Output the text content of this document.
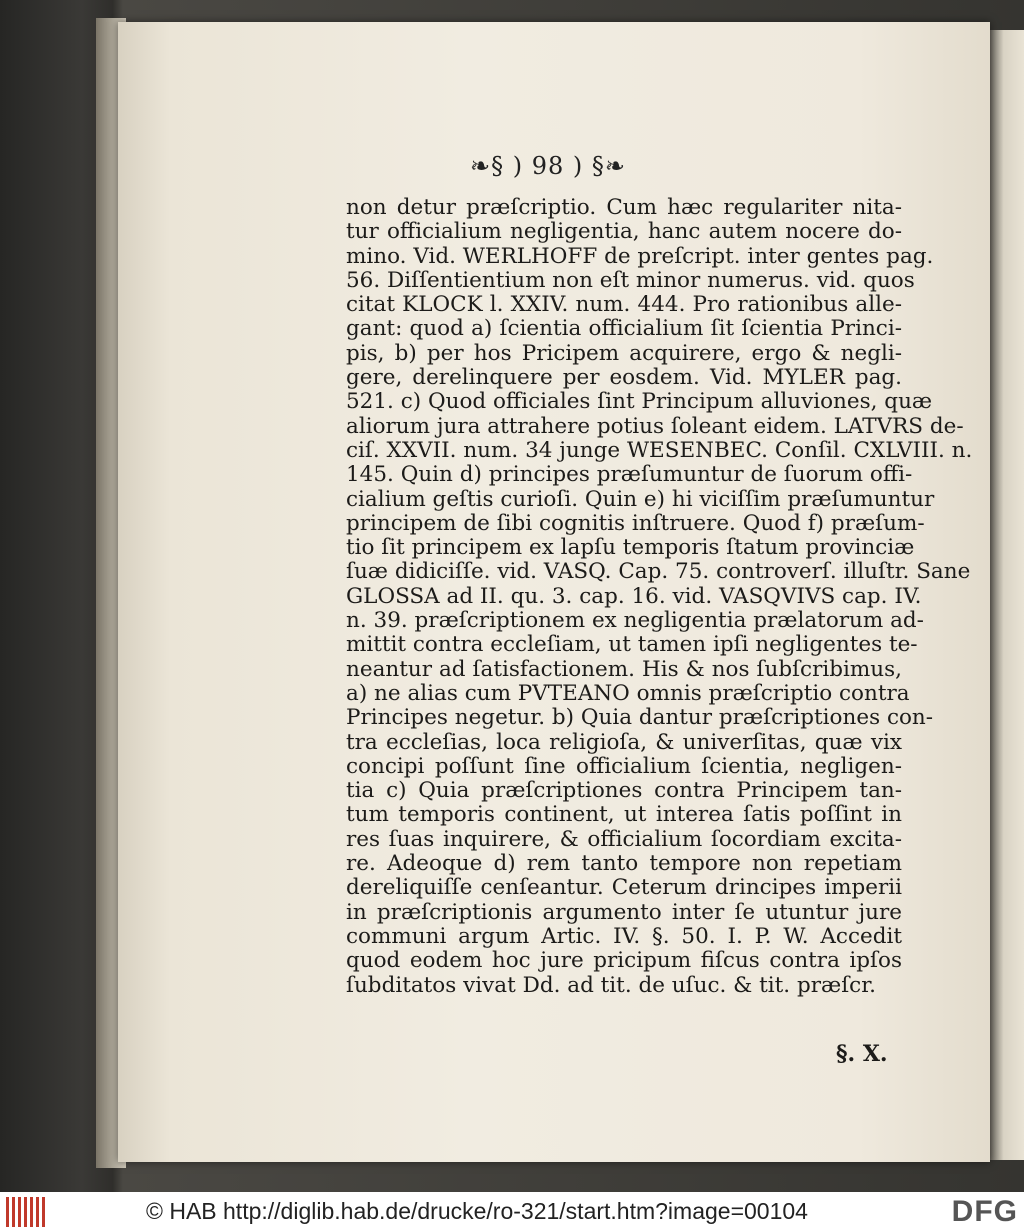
❧§ ) 98 ) §❧
non detur præſcriptio. Cum hæc regulariter nita-
tur officialium negligentia, hanc autem nocere do-
mino. Vid. WERLHOFF de preſcript. inter gentes pag.
56. Diſſentientium non eſt minor numerus. vid. quos
citat KLOCK l. XXIV. num. 444. Pro rationibus alle-
gant: quod a) ſcientia officialium ſit ſcientia Princi-
pis, b) per hos Pricipem acquirere, ergo & negli-
gere, derelinquere per eosdem. Vid. MYLER pag.
521. c) Quod officiales ſint Principum alluviones, quæ
aliorum jura attrahere potius ſoleant eidem. LATVRS de-
ciſ. XXVII. num. 34 junge WESENBEC. Conſil. CXLVIII. n.
145. Quin d) principes præſumuntur de ſuorum offi-
cialium geſtis curioſi. Quin e) hi viciſſim præſumuntur
principem de ſibi cognitis inſtruere. Quod f) præſum-
tio ſit principem ex lapſu temporis ſtatum provinciæ
ſuæ didiciſſe. vid. VASQ. Cap. 75. controverſ. illuſtr. Sane
GLOSSA ad II. qu. 3. cap. 16. vid. VASQVIVS cap. IV.
n. 39. præſcriptionem ex negligentia prælatorum ad-
mittit contra eccleſiam, ut tamen ipſi negligentes te-
neantur ad ſatisfactionem. His & nos ſubſcribimus,
a) ne alias cum PVTEANO omnis præſcriptio contra
Principes negetur. b) Quia dantur præſcriptiones con-
tra eccleſias, loca religioſa, & univerſitas, quæ vix
concipi poſſunt ſine officialium ſcientia, negligen-
tia c) Quia præſcriptiones contra Principem tan-
tum temporis continent, ut interea ſatis poſſint in
res ſuas inquirere, & officialium ſocordiam excita-
re. Adeoque d) rem tanto tempore non repetiam
dereliquiſſe cenſeantur. Ceterum drincipes imperii
in præſcriptionis argumento inter ſe utuntur jure
communi argum Artic. IV. §. 50. I. P. W. Accedit
quod eodem hoc jure pricipum fiſcus contra ipſos
ſubditatos vivat Dd. ad tit. de uſuc. & tit. præſcr.
§. X.
© HAB http://diglib.hab.de/drucke/ro-321/start.htm?image=00104	DFG
